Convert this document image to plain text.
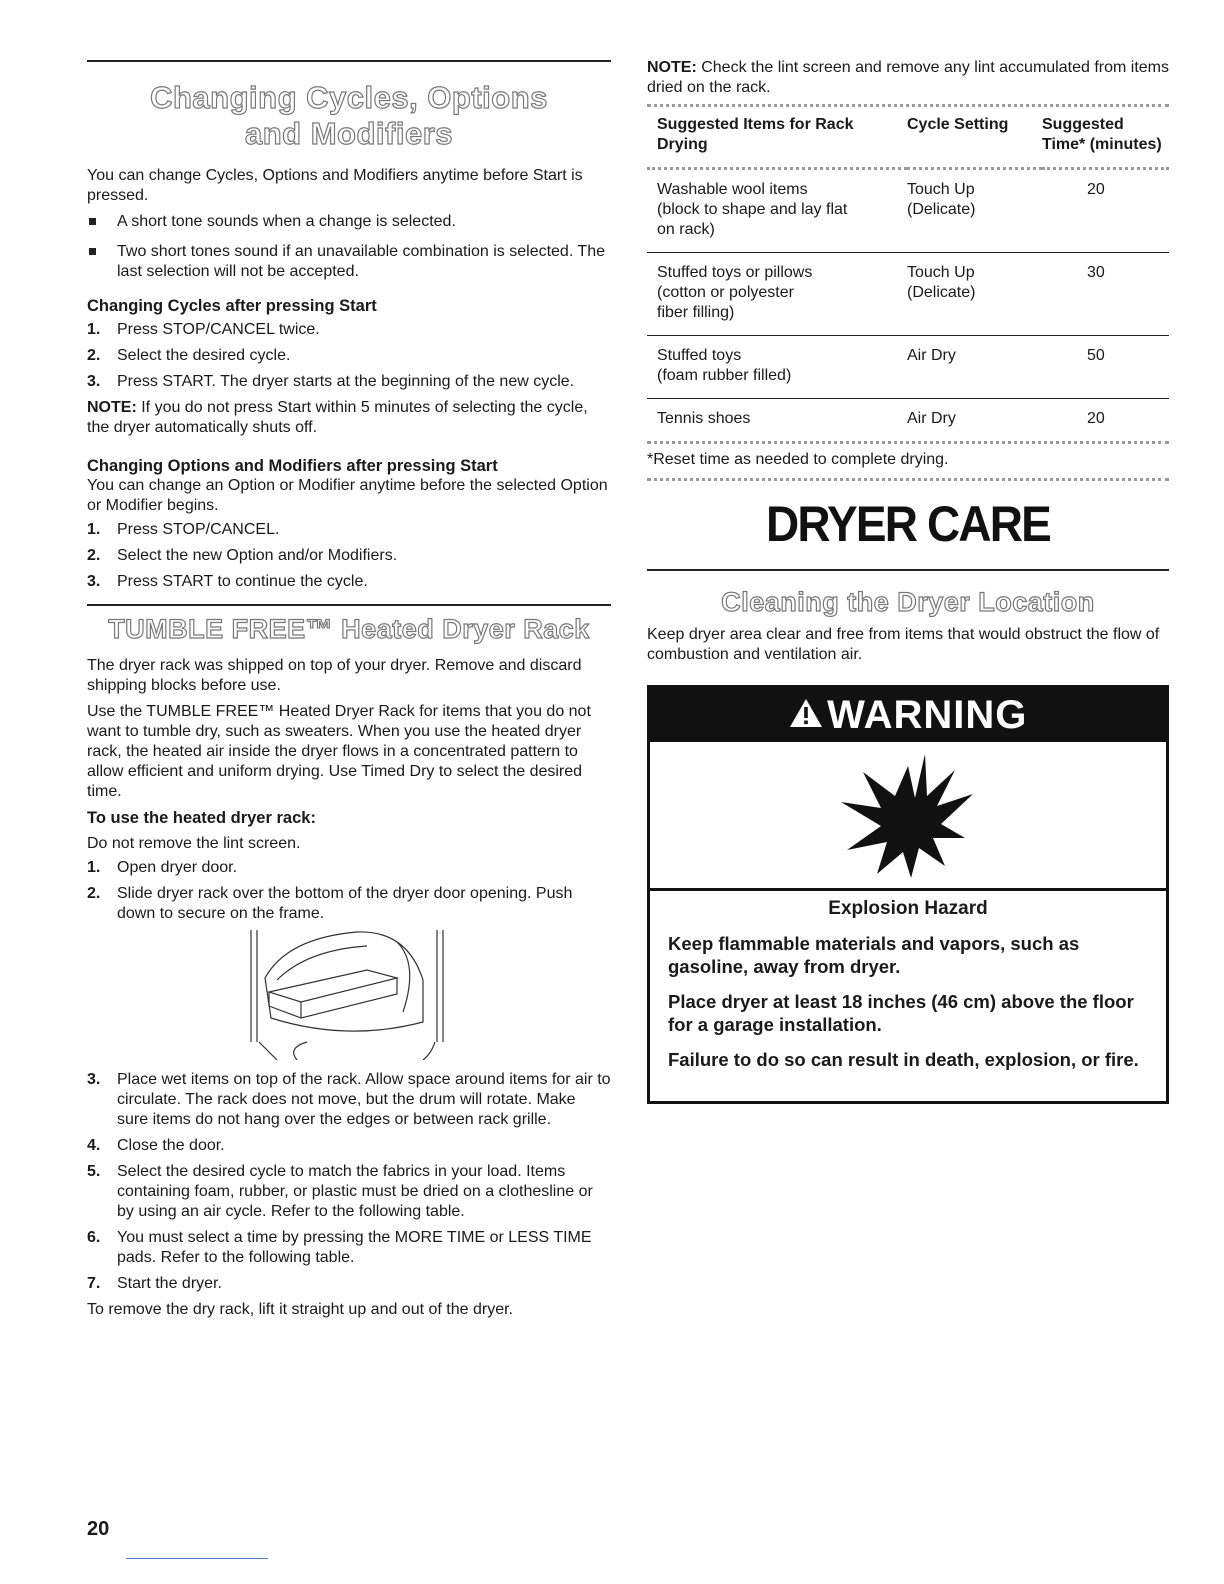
Changing Cycles, Options
and Modifiers

You can change Cycles, Options and Modifiers anytime before Start is pressed.

A short tone sounds when a change is selected.
Two short tones sound if an unavailable combination is selected. The last selection will not be accepted.

Changing Cycles after pressing Start

1. Press STOP/CANCEL twice.
2. Select the desired cycle.
3. Press START. The dryer starts at the beginning of the new cycle.

NOTE: If you do not press Start within 5 minutes of selecting the cycle, the dryer automatically shuts off.

Changing Options and Modifiers after pressing Start

You can change an Option or Modifier anytime before the selected Option or Modifier begins.

1. Press STOP/CANCEL.
2. Select the new Option and/or Modifiers.
3. Press START to continue the cycle.
TUMBLE FREE™ Heated Dryer Rack

The dryer rack was shipped on top of your dryer. Remove and discard shipping blocks before use.

Use the TUMBLE FREE™ Heated Dryer Rack for items that you do not want to tumble dry, such as sweaters. When you use the heated dryer rack, the heated air inside the dryer flows in a concentrated pattern to allow efficient and uniform drying. Use Timed Dry to select the desired time.

To use the heated dryer rack:

Do not remove the lint screen.

1. Open dryer door.
2. Slide dryer rack over the bottom of the dryer door opening. Push down to secure on the frame.
3. Place wet items on top of the rack. Allow space around items for air to circulate. The rack does not move, but the drum will rotate. Make sure items do not hang over the edges or between rack grille.
4. Close the door.
5. Select the desired cycle to match the fabrics in your load. Items containing foam, rubber, or plastic must be dried on a clothesline or by using an air cycle. Refer to the following table.
6. You must select a time by pressing the MORE TIME or LESS TIME pads. Refer to the following table.
7. Start the dryer.

To remove the dry rack, lift it straight up and out of the dryer.

20

NOTE: Check the lint screen and remove any lint accumulated from items dried on the rack.

Suggested Items for Rack Drying	Cycle Setting	Suggested Time* (minutes)
Washable wool items
(block to shape and lay flat
on rack)	Touch Up
(Delicate)	20
Stuffed toys or pillows
(cotton or polyester
fiber filling)	Touch Up
(Delicate)	30
Stuffed toys
(foam rubber filled)	Air Dry	50
Tennis shoes	Air Dry	20

*Reset time as needed to complete drying.

DRYER CARE
Cleaning the Dryer Location

Keep dryer area clear and free from items that would obstruct the flow of combustion and ventilation air.

WARNING
Explosion Hazard
Keep flammable materials and vapors, such as gasoline, away from dryer.
Place dryer at least 18 inches (46 cm) above the floor for a garage installation.
Failure to do so can result in death, explosion, or fire.
